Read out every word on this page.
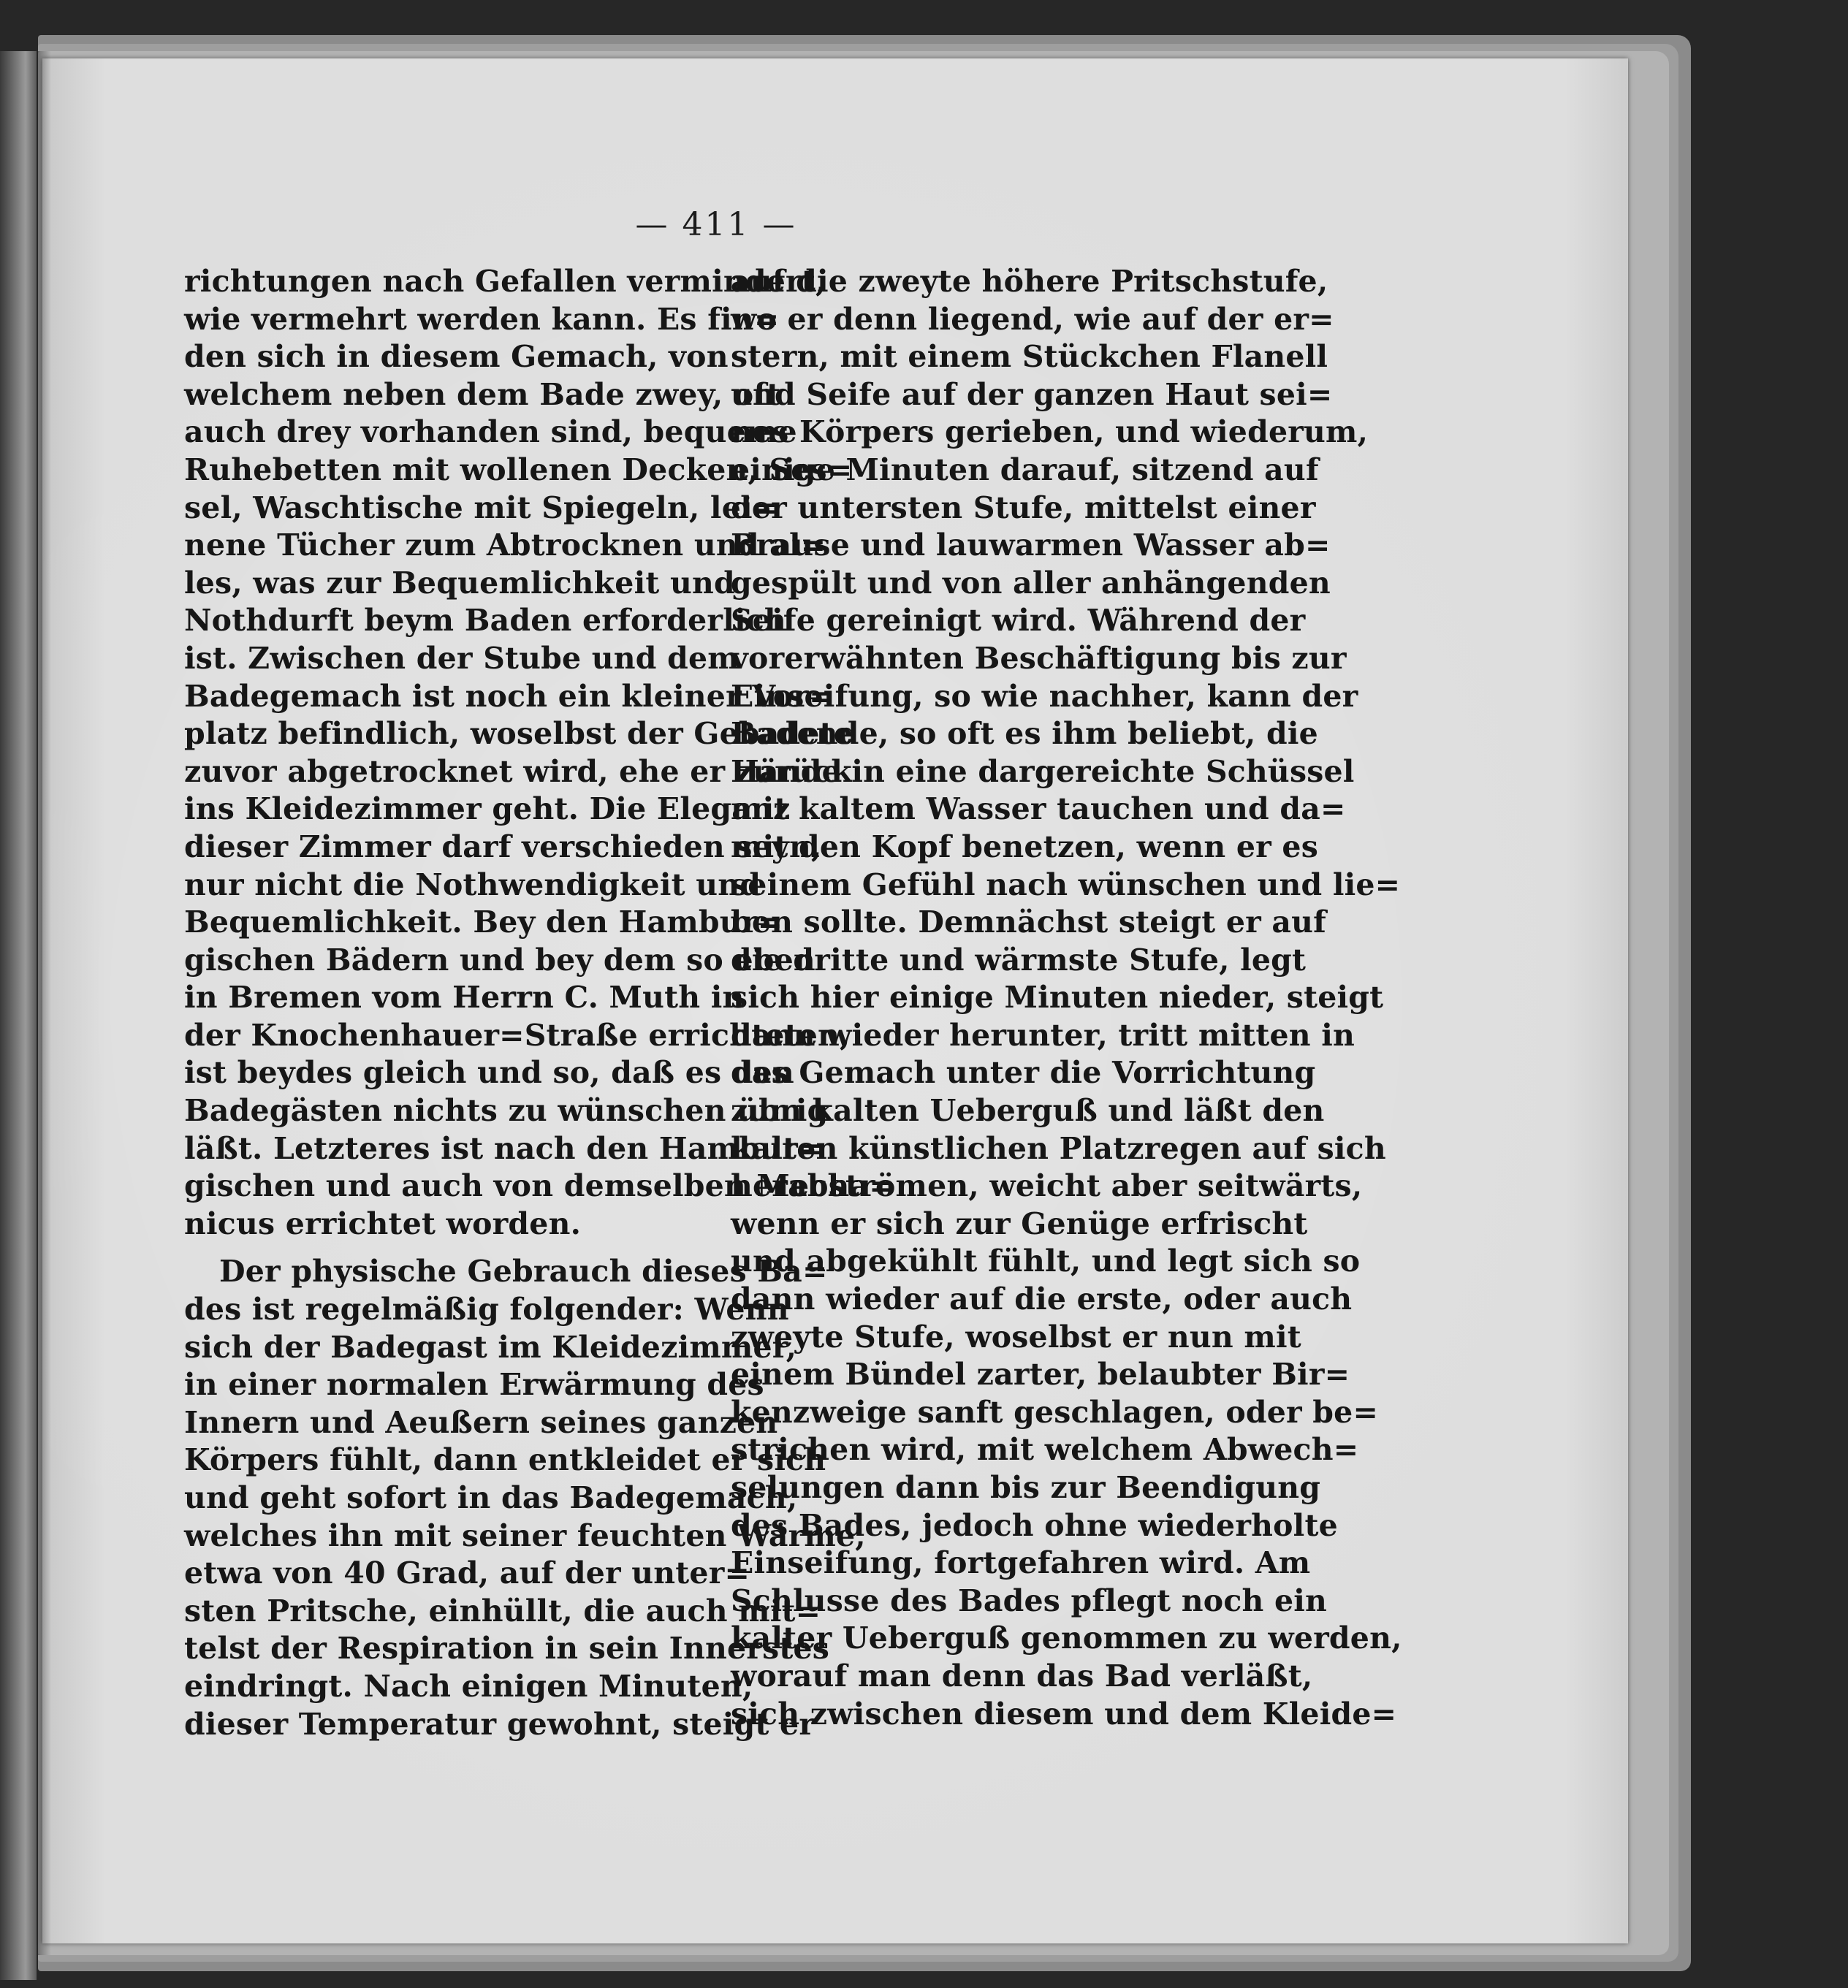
— 411 —
richtungen nach Gefallen vermindert,
wie vermehrt werden kann. Es fin=
den sich in diesem Gemach, von
welchem neben dem Bade zwey, oft
auch drey vorhanden sind, bequeme
Ruhebetten mit wollenen Decken, Ses=
sel, Waschtische mit Spiegeln, lei=
nene Tücher zum Abtrocknen und al=
les, was zur Bequemlichkeit und
Nothdurft beym Baden erforderlich
ist. Zwischen der Stube und dem
Badegemach ist noch ein kleiner Vor=
platz befindlich, woselbst der Gebadete
zuvor abgetrocknet wird, ehe er zurück
ins Kleidezimmer geht. Die Eleganz
dieser Zimmer darf verschieden seyn,
nur nicht die Nothwendigkeit und
Bequemlichkeit. Bey den Hambur=
gischen Bädern und bey dem so eben
in Bremen vom Herrn C. Muth in
der Knochenhauer=Straße errichteten,
ist beydes gleich und so, daß es den
Badegästen nichts zu wünschen übrig
läßt. Letzteres ist nach den Hambur=
gischen und auch von demselben Mecha=
nicus errichtet worden.
Der physische Gebrauch dieses Ba=
des ist regelmäßig folgender: Wenn
sich der Badegast im Kleidezimmer,
in einer normalen Erwärmung des
Innern und Aeußern seines ganzen
Körpers fühlt, dann entkleidet er sich
und geht sofort in das Badegemach,
welches ihn mit seiner feuchten Wärme,
etwa von 40 Grad, auf der unter=
sten Pritsche, einhüllt, die auch mit=
telst der Respiration in sein Innerstes
eindringt. Nach einigen Minuten,
dieser Temperatur gewohnt, steigt er
auf die zweyte höhere Pritschstufe,
wo er denn liegend, wie auf der er=
stern, mit einem Stückchen Flanell
und Seife auf der ganzen Haut sei=
nes Körpers gerieben, und wiederum,
einige Minuten darauf, sitzend auf
der untersten Stufe, mittelst einer
Brause und lauwarmen Wasser ab=
gespült und von aller anhängenden
Seife gereinigt wird. Während der
vorerwähnten Beschäftigung bis zur
Einseifung, so wie nachher, kann der
Badende, so oft es ihm beliebt, die
Hände in eine dargereichte Schüssel
mit kaltem Wasser tauchen und da=
mit den Kopf benetzen, wenn er es
seinem Gefühl nach wünschen und lie=
ben sollte. Demnächst steigt er auf
die dritte und wärmste Stufe, legt
sich hier einige Minuten nieder, steigt
dann wieder herunter, tritt mitten in
das Gemach unter die Vorrichtung
zum kalten Ueberguß und läßt den
kalten künstlichen Platzregen auf sich
herabströmen, weicht aber seitwärts,
wenn er sich zur Genüge erfrischt
und abgekühlt fühlt, und legt sich so
dann wieder auf die erste, oder auch
zweyte Stufe, woselbst er nun mit
einem Bündel zarter, belaubter Bir=
kenzweige sanft geschlagen, oder be=
strichen wird, mit welchem Abwech=
selungen dann bis zur Beendigung
des Bades, jedoch ohne wiederholte
Einseifung, fortgefahren wird. Am
Schlusse des Bades pflegt noch ein
kalter Ueberguß genommen zu werden,
worauf man denn das Bad verläßt,
sich zwischen diesem und dem Kleide=
